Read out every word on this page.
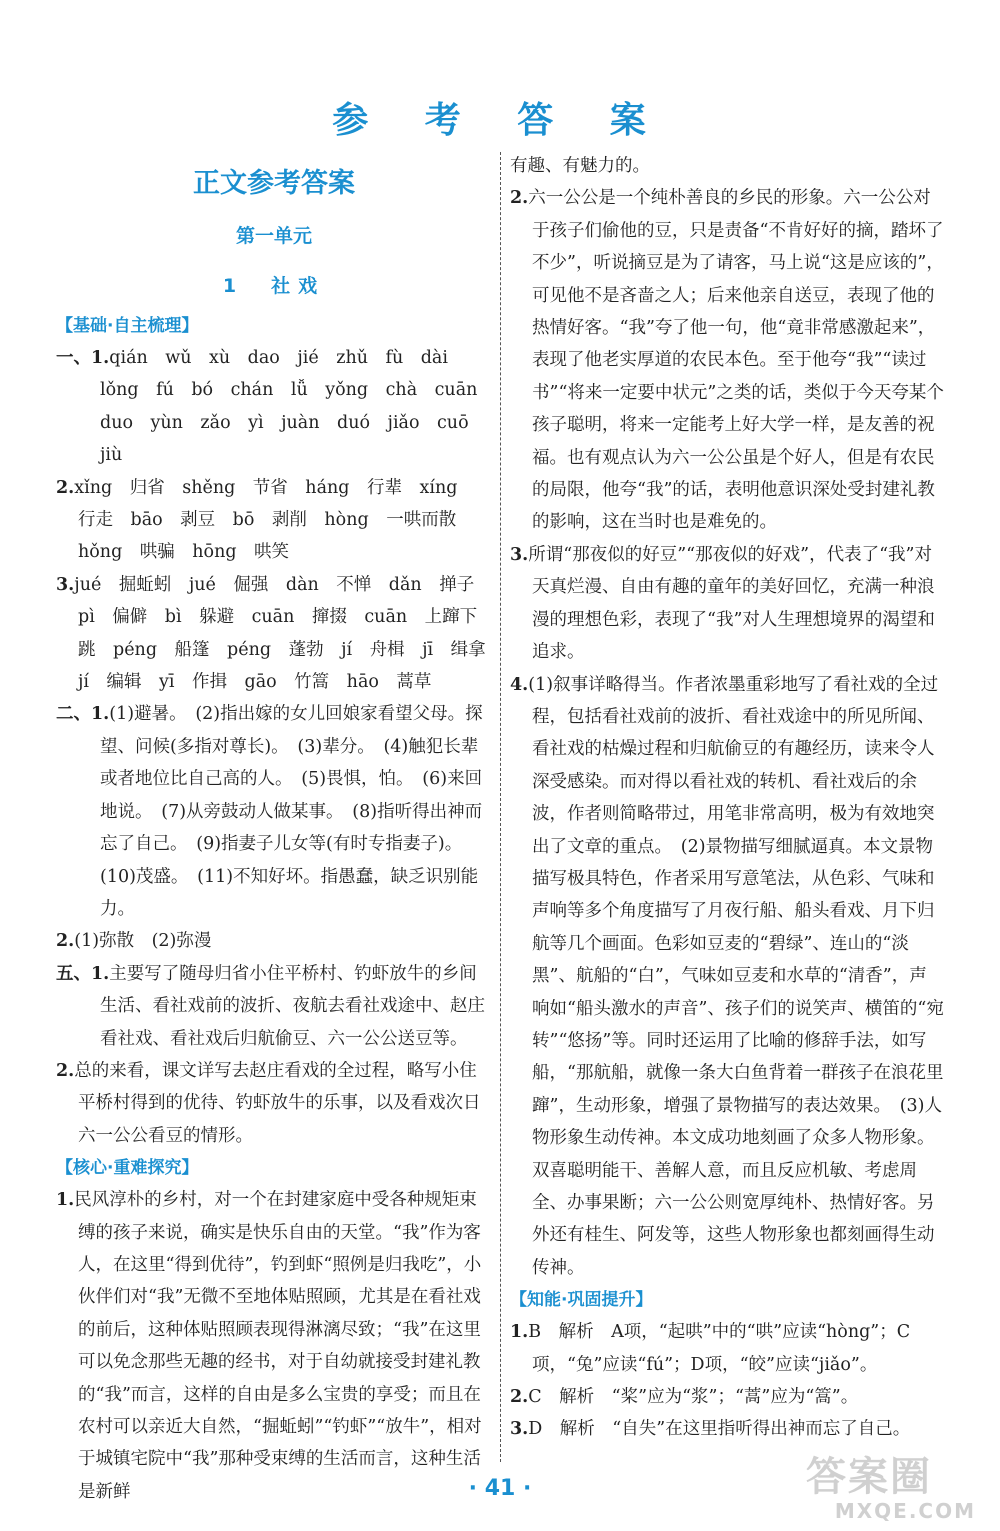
参 考 答 案
正文参考答案
第一单元
1　社戏
【基础·自主梳理】

一、1.qián　wǔ　xù　dao　jié　zhǔ　fù　dài　lǒng　fú　bó　chán　lǚ　yǒng　chà　cuān　duo　yùn　zǎo　yì　juàn　duó　jiǎo　cuō　jiù

2.xǐng　归省　shěng　节省　háng　行辈　xíng　行走　bāo　剥豆　bō　剥削　hòng　一哄而散　hǒng　哄骗　hōng　哄笑

3.jué　掘蚯蚓　jué　倔强　dàn　不惮　dǎn　掸子　pì　偏僻　bì　躲避　cuān　撺掇　cuān　上蹿下跳　péng　船篷　péng　蓬勃　jí　舟楫　jī　缉拿　jí　编辑　yī　作揖　gāo　竹篙　hāo　蒿草

二、1.(1)避暑。　(2)指出嫁的女儿回娘家看望父母。探望、问候(多指对尊长)。　(3)辈分。　(4)触犯长辈或者地位比自己高的人。　(5)畏惧，怕。　(6)来回地说。　(7)从旁鼓动人做某事。　(8)指听得出神而忘了自己。　(9)指妻子儿女等(有时专指妻子)。　(10)茂盛。　(11)不知好坏。指愚蠢，缺乏识别能力。

2.(1)弥散　(2)弥漫

五、1.主要写了随母归省小住平桥村、钓虾放牛的乡间生活、看社戏前的波折、夜航去看社戏途中、赵庄看社戏、看社戏后归航偷豆、六一公公送豆等。

2.总的来看，课文详写去赵庄看戏的全过程，略写小住平桥村得到的优待、钓虾放牛的乐事，以及看戏次日六一公公看豆的情形。

【核心·重难探究】

1.民风淳朴的乡村，对一个在封建家庭中受各种规矩束缚的孩子来说，确实是快乐自由的天堂。“我”作为客人，在这里“得到优待”，钓到虾“照例是归我吃”，小伙伴们对“我”无微不至地体贴照顾，尤其是在看社戏的前后，这种体贴照顾表现得淋漓尽致；“我”在这里可以免念那些无趣的经书，对于自幼就接受封建礼教的“我”而言，这样的自由是多么宝贵的享受；而且在农村可以亲近大自然，“掘蚯蚓”“钓虾”“放牛”，相对于城镇宅院中“我”那种受束缚的生活而言，这种生活是新鲜

有趣、有魅力的。

2.六一公公是一个纯朴善良的乡民的形象。六一公公对于孩子们偷他的豆，只是责备“不肯好好的摘，踏坏了不少”，听说摘豆是为了请客，马上说“这是应该的”，可见他不是吝啬之人；后来他亲自送豆，表现了他的热情好客。“我”夸了他一句，他“竟非常感激起来”，表现了他老实厚道的农民本色。至于他夸“我”“读过书”“将来一定要中状元”之类的话，类似于今天夸某个孩子聪明，将来一定能考上好大学一样，是友善的祝福。也有观点认为六一公公虽是个好人，但是有农民的局限，他夸“我”的话，表明他意识深处受封建礼教的影响，这在当时也是难免的。

3.所谓“那夜似的好豆”“那夜似的好戏”，代表了“我”对天真烂漫、自由有趣的童年的美好回忆，充满一种浪漫的理想色彩，表现了“我”对人生理想境界的渴望和追求。

4.(1)叙事详略得当。作者浓墨重彩地写了看社戏的全过程，包括看社戏前的波折、看社戏途中的所见所闻、看社戏的枯燥过程和归航偷豆的有趣经历，读来令人深受感染。而对得以看社戏的转机、看社戏后的余波，作者则简略带过，用笔非常高明，极为有效地突出了文章的重点。　(2)景物描写细腻逼真。本文景物描写极具特色，作者采用写意笔法，从色彩、气味和声响等多个角度描写了月夜行船、船头看戏、月下归航等几个画面。色彩如豆麦的“碧绿”、连山的“淡黑”、航船的“白”，气味如豆麦和水草的“清香”，声响如“船头激水的声音”、孩子们的说笑声、横笛的“宛转”“悠扬”等。同时还运用了比喻的修辞手法，如写船，“那航船，就像一条大白鱼背着一群孩子在浪花里蹿”，生动形象，增强了景物描写的表达效果。　(3)人物形象生动传神。本文成功地刻画了众多人物形象。双喜聪明能干、善解人意，而且反应机敏、考虑周全、办事果断；六一公公则宽厚纯朴、热情好客。另外还有桂生、阿发等，这些人物形象也都刻画得生动传神。

【知能·巩固提升】

1.B　解析　A项，“起哄”中的“哄”应读“hòng”；C项，“兔”应读“fú”；D项，“皎”应读“jiǎo”。

2.C　解析　“桨”应为“浆”；“蒿”应为“篙”。

3.D　解析　“自失”在这里指听得出神而忘了自己。

· 41 ·	答案圈
MXQE.COM
